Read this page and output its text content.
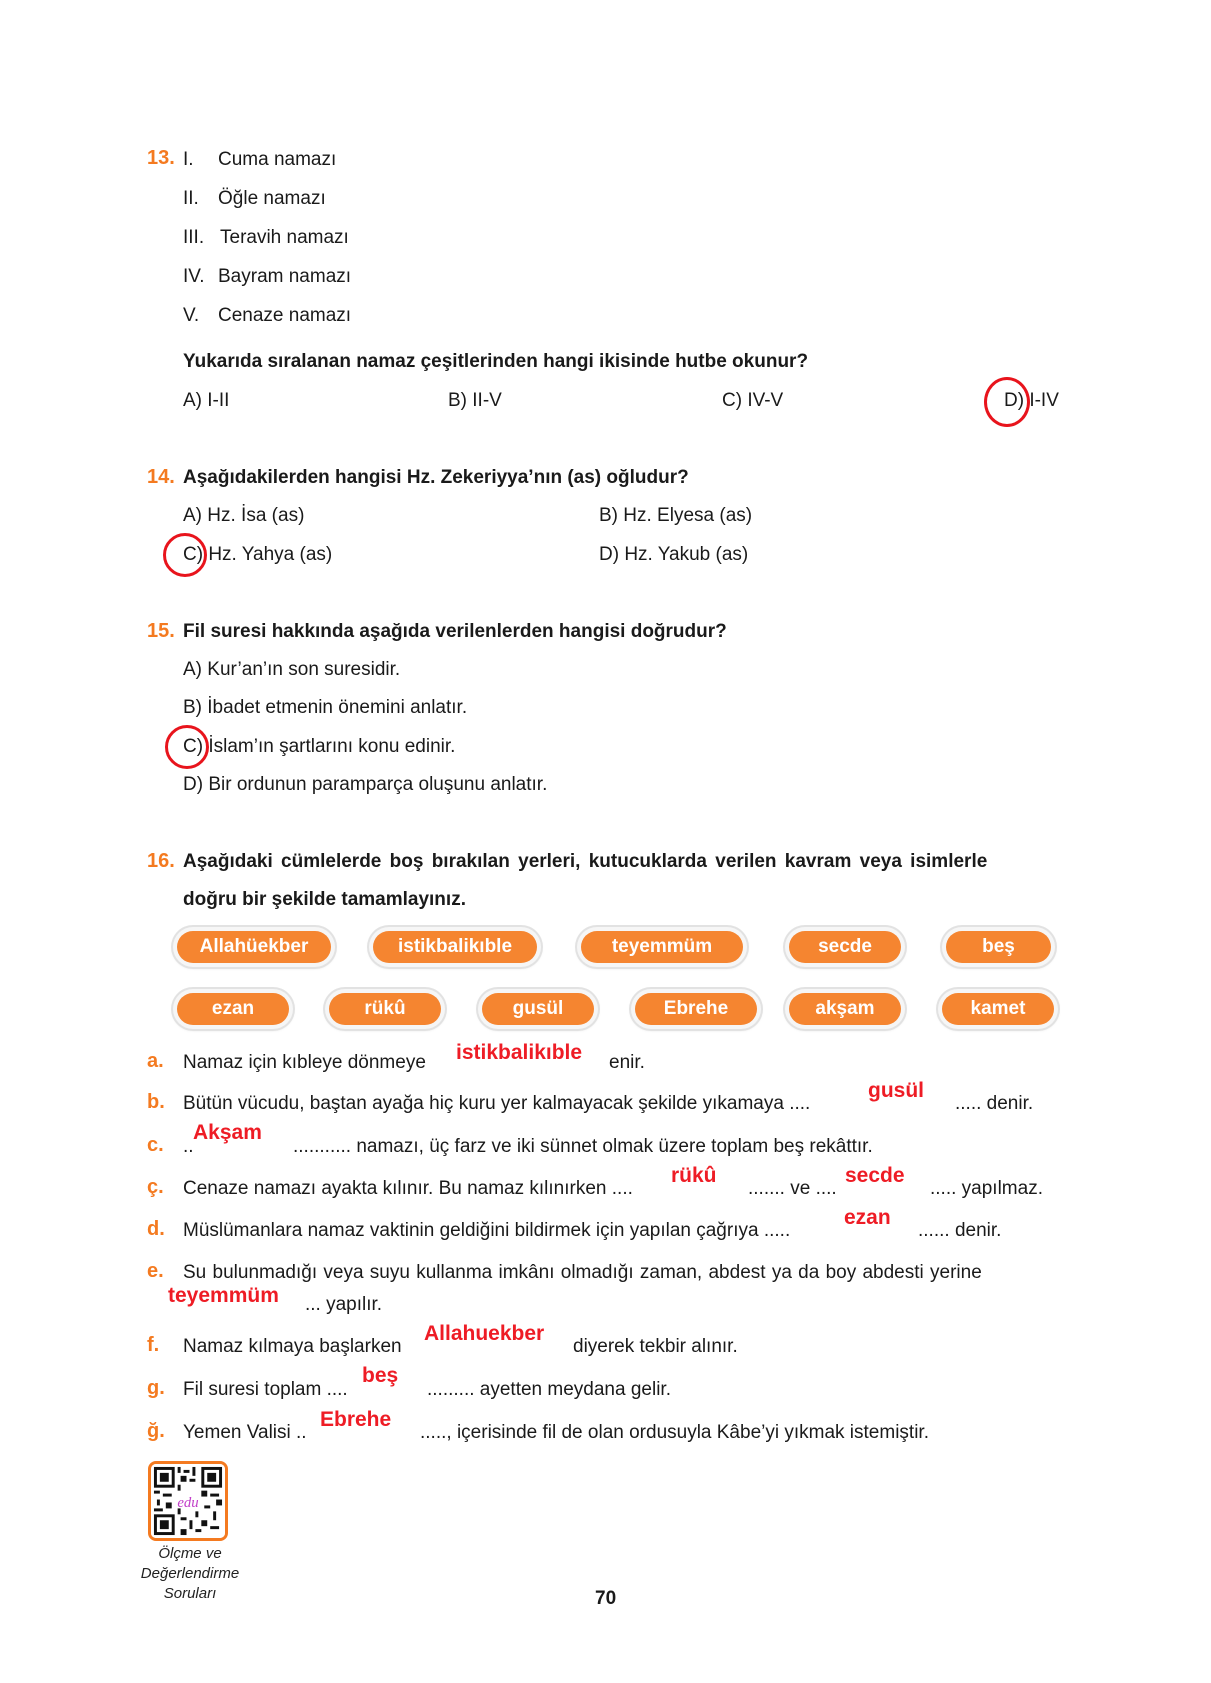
13. I. Cuma namazı
II. Öğle namazı
III. Teravih namazı
IV. Bayram namazı
V. Cenaze namazı
Yukarıda sıralanan namaz çeşitlerinden hangi ikisinde hutbe okunur?
A) I-II	B) II-V	C) IV-V	D) I-IV
14. Aşağıdakilerden hangisi Hz. Zekeriyya’nın (as) oğludur?
A) Hz. İsa (as)	B) Hz. Elyesa (as)
C) Hz. Yahya (as)	D) Hz. Yakub (as)
15. Fil suresi hakkında aşağıda verilenlerden hangisi doğrudur?
A) Kur’an’ın son suresidir.
B) İbadet etmenin önemini anlatır.
C) İslam’ın şartlarını konu edinir.
D) Bir ordunun paramparça oluşunu anlatır.
16. Aşağıdaki cümlelerde boş bırakılan yerleri, kutucuklarda verilen kavram veya isimlerle
doğru bir şekilde tamamlayınız.
Allahüekber	istikbalikıble	teyemmüm	secde	beş
ezan	rükû	gusül	Ebrehe	akşam	kamet
a. Namaz için kıbleye dönmeye istikbalikıble enir.
b. Bütün vücudu, baştan ayağa hiç kuru yer kalmayacak şekilde yıkamaya ....
gusül
..... denir.
c. ..
Akşam
........... namazı, üç farz ve iki sünnet olmak üzere toplam beş rekâttır.
ç. Cenaze namazı ayakta kılınır. Bu namaz kılınırken ....
rükû
....... ve ....
secde
..... yapılmaz.
d. Müslümanlara namaz vaktinin geldiğini bildirmek için yapılan çağrıya .....
ezan
...... denir.
e. Su bulunmadığı veya suyu kullanma imkânı olmadığı zaman, abdest ya da boy abdesti yerine
teyemmüm ... yapılır.
f. Namaz kılmaya başlarken
Allahuekber
diyerek tekbir alınır.
g. Fil suresi toplam ....
beş
......... ayetten meydana gelir.
ğ. Yemen Valisi ..
Ebrehe
....., içerisinde fil de olan ordusuyla Kâbe’yi yıkmak istemiştir.
edu
Ölçme ve
Değerlendirme
Soruları	70
